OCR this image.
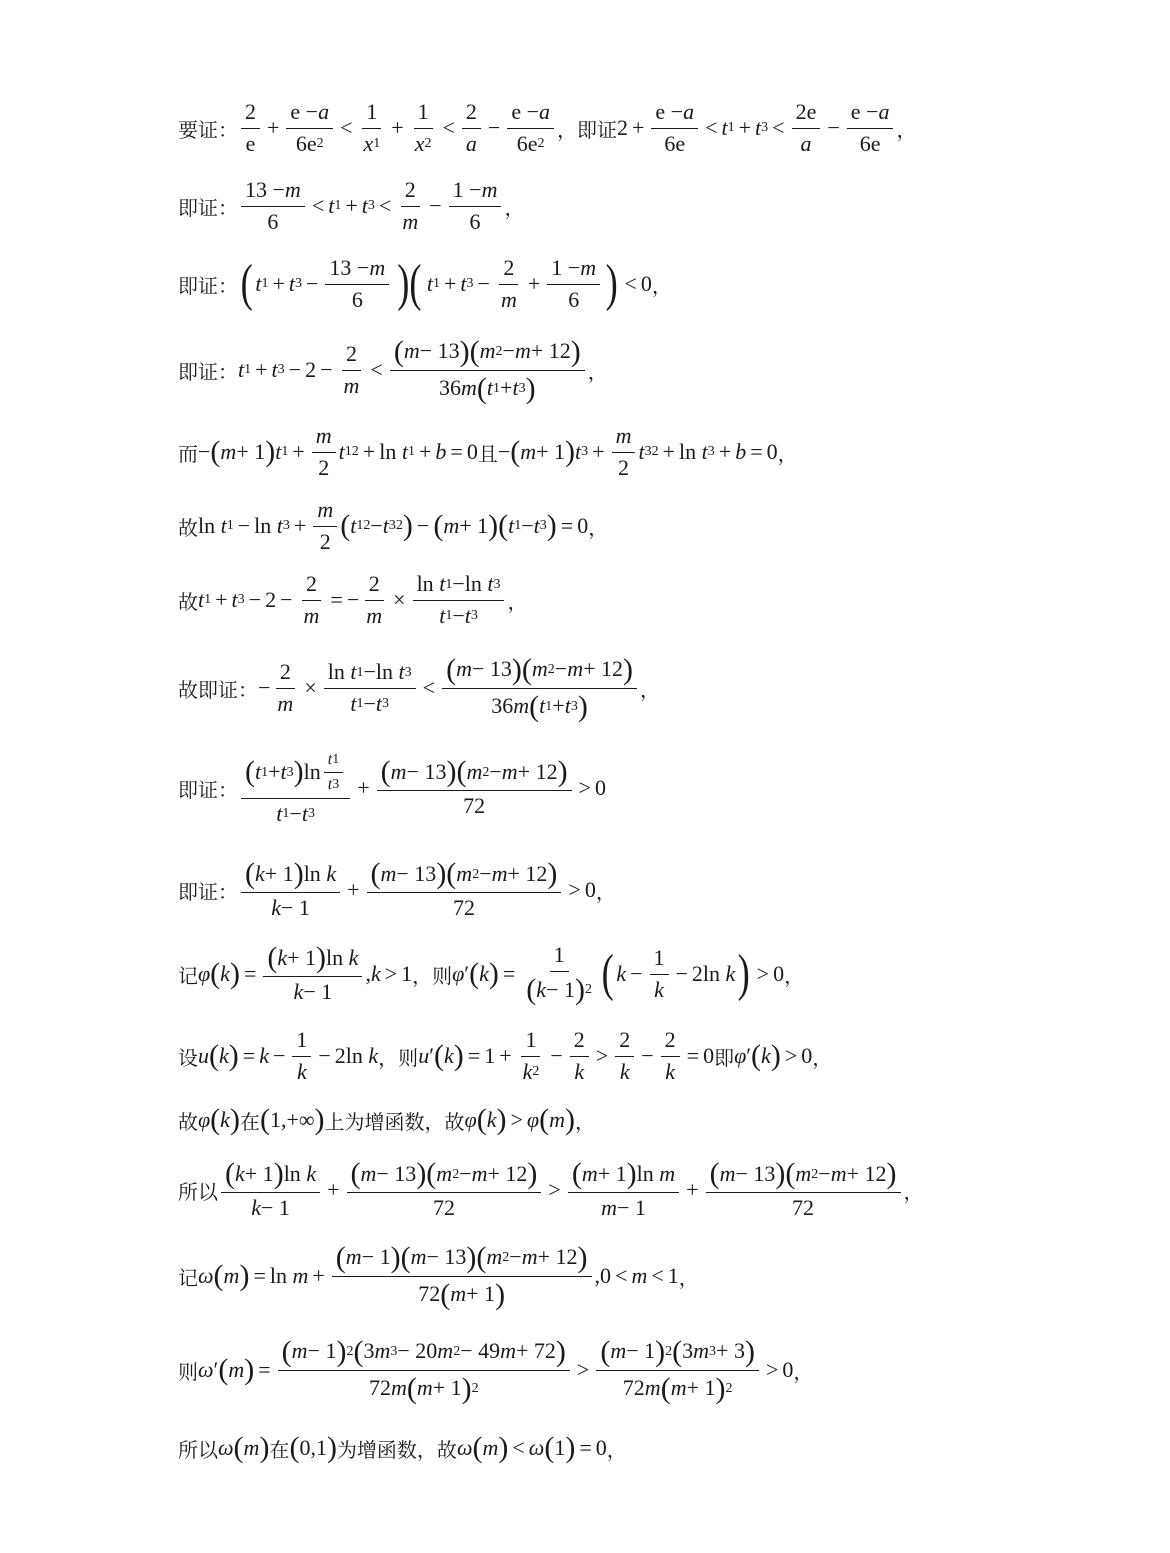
要证： $\frac{2}{e} + \frac{e - a}{6e 2} < \frac{1}{x 1} + \frac{1}{x 2} < \frac{2}{a} - \frac{e - a}{6e 2}$ ，即证 $2 + \frac{e - a}{6e} < t$ 1 + t $3 < \frac{2e}{a} - \frac{e - a}{6e}$ ，
即证： $\frac{13 - m}{6} < t$ 1 + t $3 < \frac{2}{m} - \frac{1 - m}{6}$ ，
即证： ( t 1 + t $3 - \frac{13 - m}{6}$ )( t 1 + t $3 - \frac{2}{m} + \frac{1 - m}{6}$ ) < 0 ，
即证： t 1 + t $3 - 2 - \frac{2}{m} < \frac{( m - 13 )( m 2 - m + 12 )}{36 m ( t 1 + t 3 )}$ ，
而 − ( m + 1 ) t $1 + \frac{m}{2}$ t 1 2 + ln
t 1 + b = 0 且 − ( m + 1 ) t $3 + \frac{m}{2}$ t 3 2 + ln
t 3 + b = 0 ，
故 ln
t 1 − ln
t $3 + \frac{m}{2}$ ( t 1 2 − t 3 2 ) − ( m + 1 )( t 1 − t 3 ) = 0 ，
故 t 1 + t $3 - 2 - \frac{2}{m}$ = − $\frac{2}{m} \times \ln$
t 1 − ln
t 3
t 1 − t 3 ，
故即证： − $\frac{2}{m} \times \ln$
t 1 − ln
t 3
t 1 − t $3 < \frac{( m - 13 )( m 2 - m + 12 )}{36 m ( t 1 + t 3 )}$ ，
即证： $\frac{( t 1 + t 3 ) \ln \frac{t 1}{t 3}}{t 1 - t 3} + \frac{( m - 13 )( m 2 - m + 12 )}{72} > 0$
即证： ( k + 1 ) ln
k
$k - 1 + \frac{( m - 13 )( m 2 - m + 12 )}{72} > 0$ ，
记 φ ( k ) = ( k + 1 ) ln
k
k − 1 , k > 1 ，则 φ ′ ( k ) = $\frac{1}{( k - 1 ) 2}$ ( $k - \frac{1}{k} - 2$ ln
k ) > 0 ，
设 u ( k ) = $k - \frac{1}{k} - 2$ ln
k ，则 u ′ ( k ) = $1 + \frac{1}{k 2} - \frac{2}{k} > \frac{2}{k} - \frac{2}{k} = 0$ 即 φ ′ ( k ) > 0 ，
故 φ ( k ) 在 ( 1,+∞ ) 上为增函数，故 φ ( k ) > φ ( m ) ，
所以 ( k + 1 ) ln
k
$k - 1 + \frac{( m - 13 )( m 2 - m + 12 )}{72}$ > ( m + 1 ) ln
m
$m - 1 + \frac{( m - 13 )( m 2 - m + 12 )}{72}$ ，
记 ω ( m ) = ln
$m + \frac{( m - 1 )( m - 13 )( m 2 - m + 12 )}{72 ( m + 1 )} ,0 < m < 1$ ，
则 ω ′ ( m ) = $\frac{( m - 1 ) 2 ( 3 m 3 - 20 m 2 - 49 m + 72 )}{72 m ( m + 1 ) 2} > \frac{( m - 1 ) 2 ( 3 m 3 + 3 )}{72 m ( m + 1 ) 2} > 0$ ，
所以 ω ( m ) 在 ( 0,1 ) 为增函数，故 ω ( m ) < ω ( 1 ) = 0 ，
